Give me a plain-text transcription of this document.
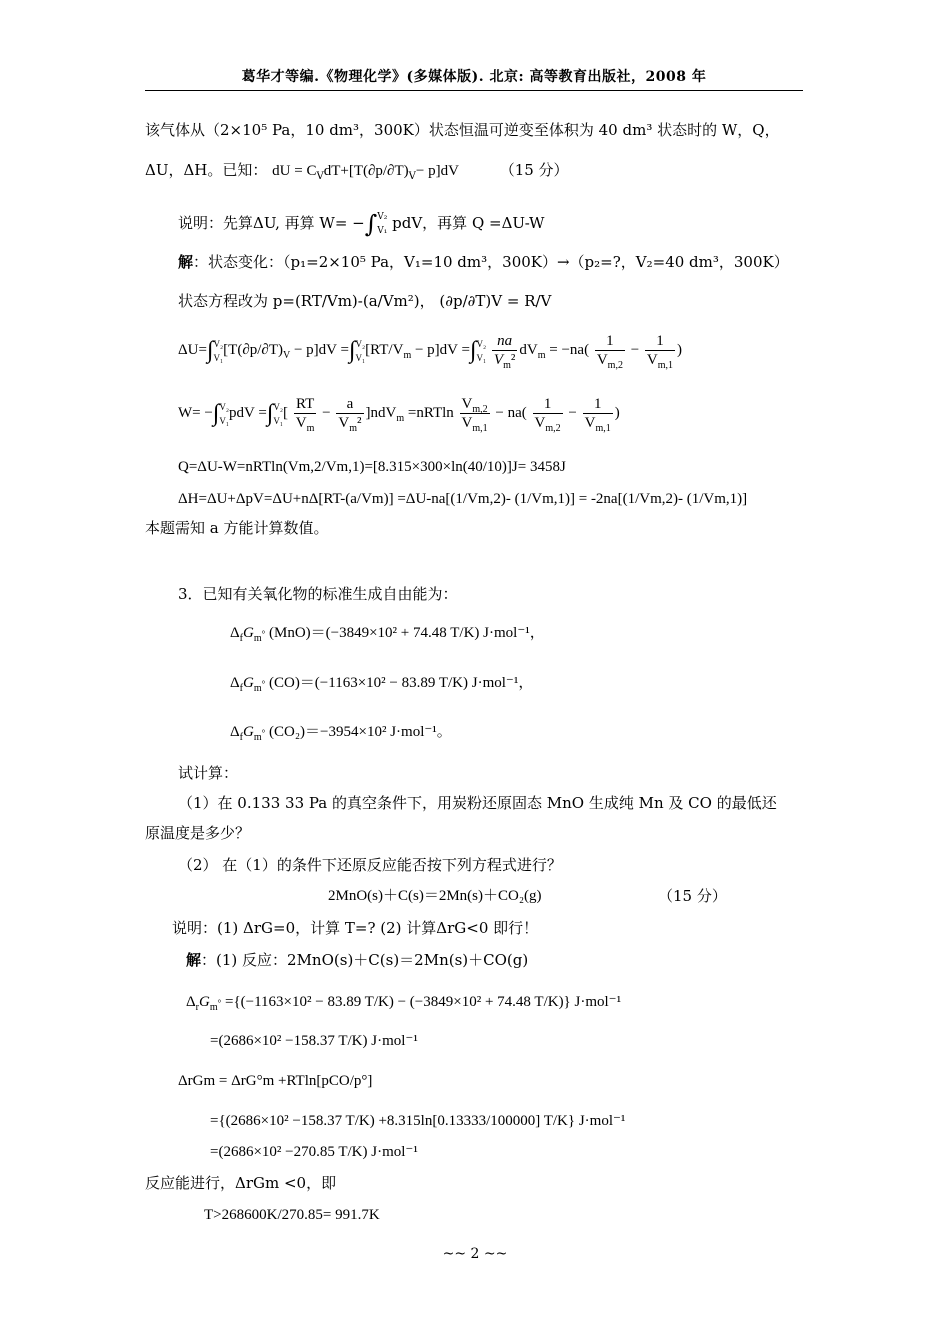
葛华才等编.《物理化学》(多媒体版). 北京: 高等教育出版社，2008 年
该气体从（2×10⁵ Pa，10 dm³，300K）状态恒温可逆变至体积为 40 dm³ 状态时的 W，Q，
ΔU，ΔH。已知： dU = $C_VdT+[T(\partial p/\partial T)_V- p]dV$	（15 分）
说明：先算ΔU, 再算 W= −∫V₂
V₁ pdV，再算 Q =ΔU-W
解：状态变化：（p₁=2×10⁵ Pa，V₁=10 dm³，300K）→（p₂=?，V₂=40 dm³，300K）
状态方程改为 p=(RT/Vm)-(a/Vm²)， (∂p/∂T)V = R/V
ΔU=∫V₂
$V_1[T(\partial p/\partial T)_V - p]dV =\int V_2$
$V_1[RT/V_m - p]dV =\int V_2$
$V_1 \frac{na}{V_m^2} dV_m = -na( \frac{1}{V_{m,2}} - \frac{1}{V_{m,1}}$ )
W= −∫V₂
V₁pdV =∫V₂
$V_1[ \frac{RT}{V_m} - \frac{a}{V_m^2} ]ndV_m =nRTln \frac{V_{m,2}}{V_{m,1}} - na( \frac{1}{V_{m,2}} - \frac{1}{V_{m,1}}$ )
Q=ΔU-W=nRTln(Vm,2/Vm,1)=[8.315×300×ln(40/10)]J= 3458J
ΔH=ΔU+ΔpV=ΔU+nΔ[RT-(a/Vm)] =ΔU-na[(1/Vm,2)- (1/Vm,1)] = -2na[(1/Vm,2)- (1/Vm,1)]
本题需知 a 方能计算数值。
3．已知有关氧化物的标准生成自由能为：
$\Delta_fG_m^\circ$ (MnO)＝(−3849×10² + 74.48 T/K) J·mol⁻¹，
$\Delta_fG_m^\circ$ (CO)＝(−1163×10² − 83.89 T/K) J·mol⁻¹，
$\Delta_fG_m^\circ$ (CO₂)＝−3954×10² J·mol⁻¹。
试计算：
（1）在 0.133 33 Pa 的真空条件下，用炭粉还原固态 MnO 生成纯 Mn 及 CO 的最低还
原温度是多少？
（2） 在（1）的条件下还原反应能否按下列方程式进行？
2MnO(s)＋C(s)＝2Mn(s)＋CO₂(g)	（15 分）
说明：(1) ΔrG=0，计算 T=? (2) 计算ΔrG<0 即行！
解：(1) 反应：2MnO(s)＋C(s)＝2Mn(s)＋CO(g)
$\Delta_rG_m^\circ =\{(-1163\times 10^2 - 83.89$ T/K) − (−3849×10² + 74.48 T/K)} J·mol⁻¹
=(2686×10² −158.37 T/K) J·mol⁻¹
ΔrGm = ΔrG°m +RTln[pCO/p°]
={(2686×10² −158.37 T/K) +8.315ln[0.13333/100000] T/K} J·mol⁻¹
=(2686×10² −270.85 T/K) J·mol⁻¹
反应能进行，ΔrGm <0，即
T>268600K/270.85= 991.7K
~~ 2 ~~
